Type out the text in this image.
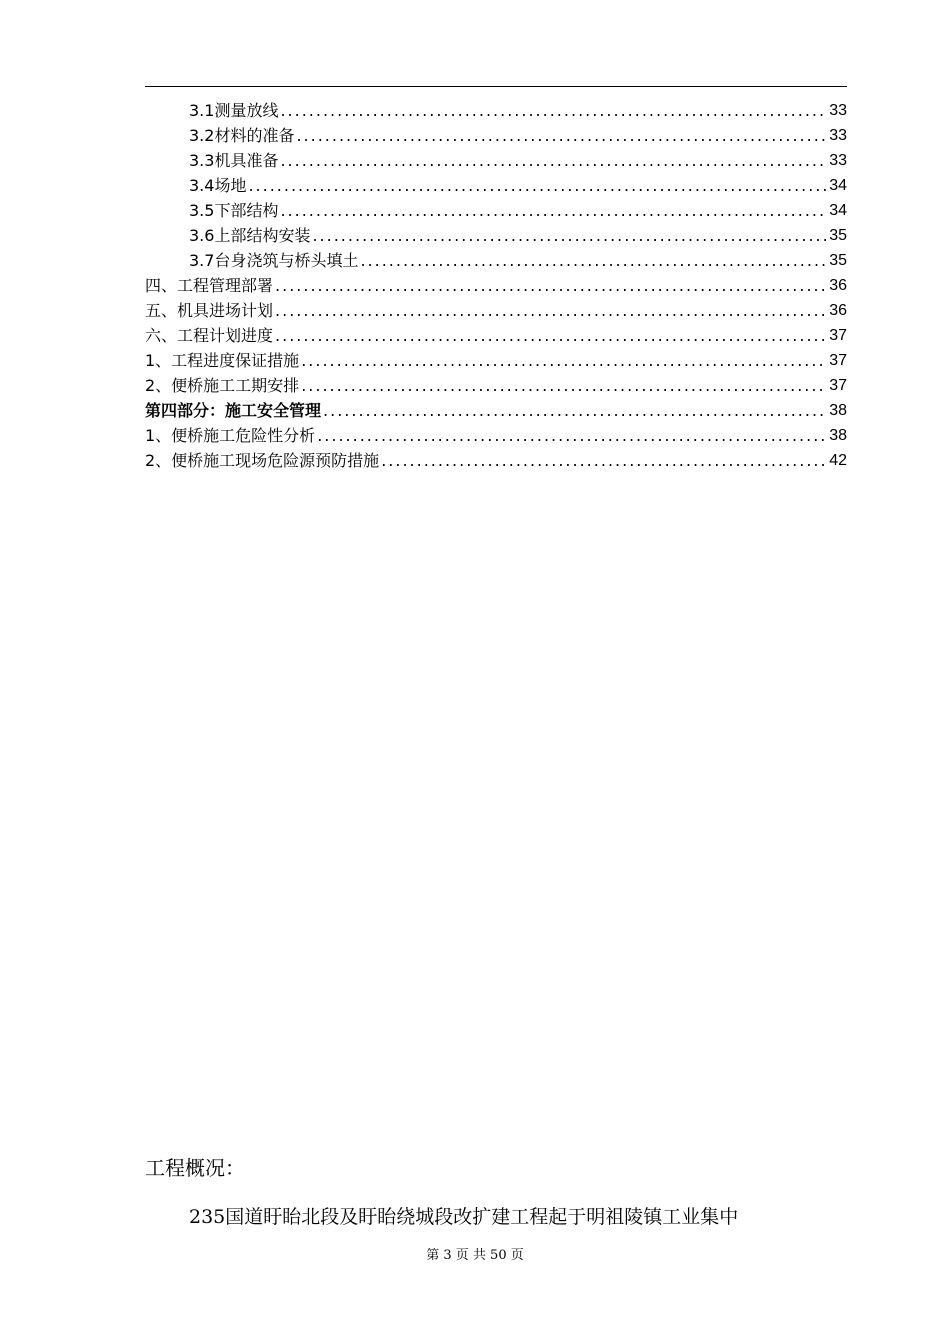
3.1测量放线 .....	33
3.2材料的准备 .....	33
3.3机具准备 .....	33
3.4场地 .....	34
3.5下部结构 .....	34
3.6上部结构安装 .....	35
3.7台身浇筑与桥头填土 .....	35
四、工程管理部署 .....	36
五、机具进场计划 .....	36
六、工程计划进度 .....	37
1、工程进度保证措施 .....	37
2、便桥施工工期安排 .....	37
第四部分：施工安全管理 .....	38
1、便桥施工危险性分析 .....	38
2、便桥施工现场危险源预防措施 .....	42
工程概况：
235国道盱眙北段及盱眙绕城段改扩建工程起于明祖陵镇工业集中
第 3 页 共 50 页
